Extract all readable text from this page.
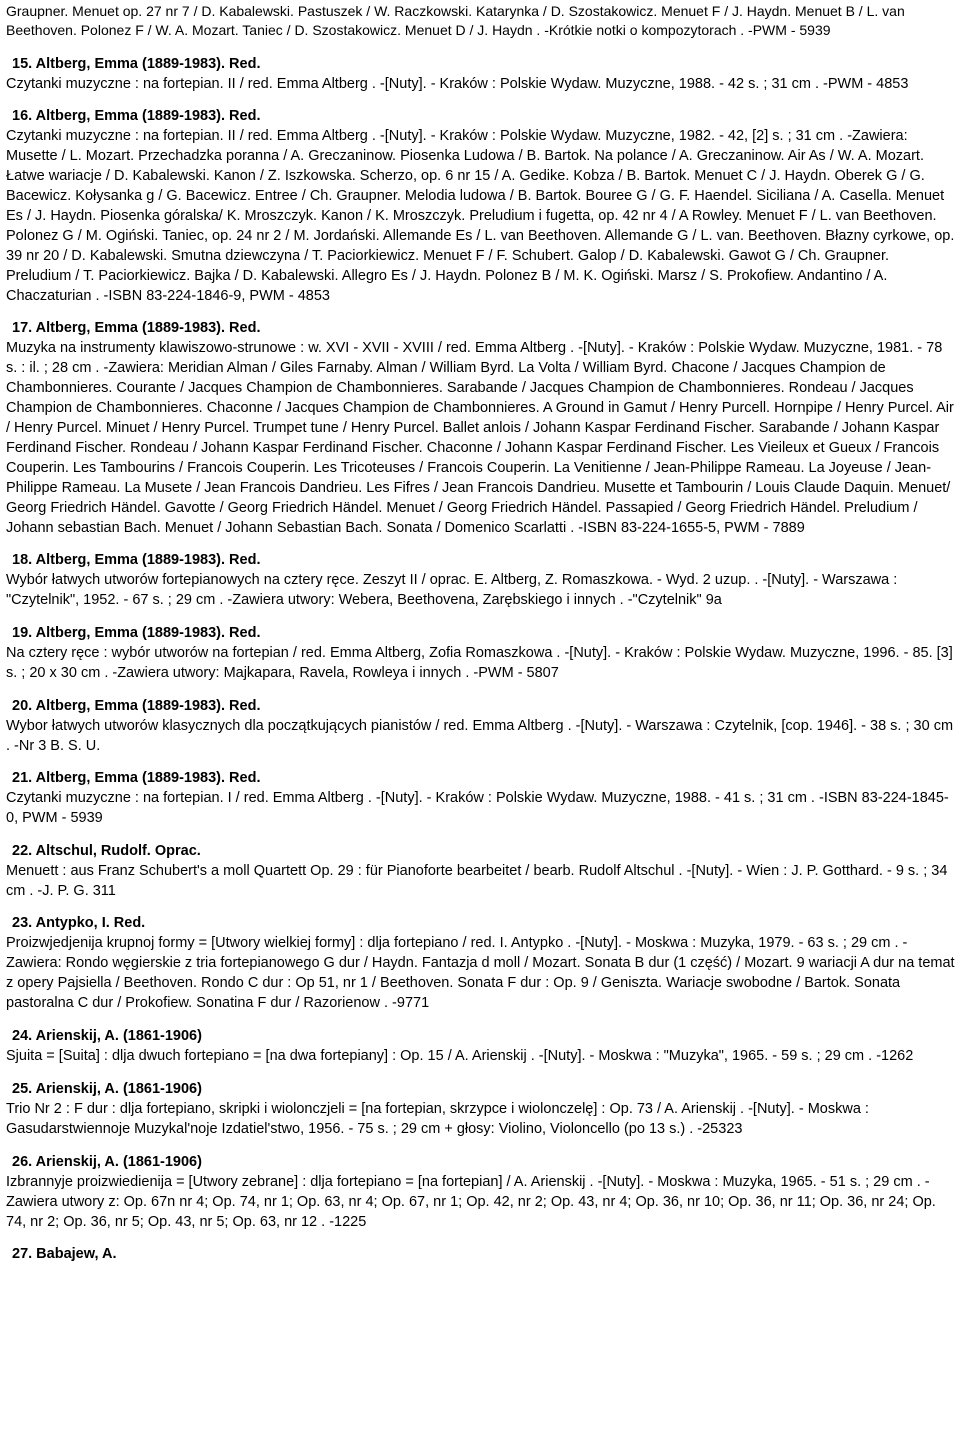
Graupner. Menuet op. 27 nr 7 / D. Kabalewski. Pastuszek / W. Raczkowski. Katarynka / D. Szostakowicz. Menuet F / J. Haydn. Menuet B / L. van Beethoven. Polonez F / W. A. Mozart. Taniec / D. Szostakowicz. Menuet D / J. Haydn . -Krótkie notki o kompozytorach . -PWM - 5939

15. Altberg, Emma (1889-1983). Red.

Czytanki muzyczne : na fortepian. II / red. Emma Altberg . -[Nuty]. - Kraków : Polskie Wydaw. Muzyczne, 1988. - 42 s. ; 31 cm . -PWM - 4853

16. Altberg, Emma (1889-1983). Red.

Czytanki muzyczne : na fortepian. II / red. Emma Altberg . -[Nuty]. - Kraków : Polskie Wydaw. Muzyczne, 1982. - 42, [2] s. ; 31 cm . -Zawiera: Musette / L. Mozart. Przechadzka poranna / A. Greczaninow. Piosenka Ludowa / B. Bartok. Na polance / A. Greczaninow. Air As / W. A. Mozart. Łatwe wariacje / D. Kabalewski. Kanon / Z. Iszkowska. Scherzo, op. 6 nr 15 / A. Gedike. Kobza / B. Bartok. Menuet C / J. Haydn. Oberek G / G. Bacewicz. Kołysanka g / G. Bacewicz. Entree / Ch. Graupner. Melodia ludowa / B. Bartok. Bouree G / G. F. Haendel. Siciliana / A. Casella. Menuet Es / J. Haydn. Piosenka góralska/ K. Mroszczyk. Kanon / K. Mroszczyk. Preludium i fugetta, op. 42 nr 4 / A Rowley. Menuet F / L. van Beethoven. Polonez G / M. Ogiński. Taniec, op. 24 nr 2 / M. Jordański. Allemande Es / L. van Beethoven. Allemande G / L. van. Beethoven. Błazny cyrkowe, op. 39 nr 20 / D. Kabalewski. Smutna dziewczyna / T. Paciorkiewicz. Menuet F / F. Schubert. Galop / D. Kabalewski. Gawot G / Ch. Graupner. Preludium / T. Paciorkiewicz. Bajka / D. Kabalewski. Allegro Es / J. Haydn. Polonez B / M. K. Ogiński. Marsz / S. Prokofiew. Andantino / A. Chaczaturian . -ISBN 83-224-1846-9, PWM - 4853

17. Altberg, Emma (1889-1983). Red.

Muzyka na instrumenty klawiszowo-strunowe : w. XVI - XVII - XVIII / red. Emma Altberg . -[Nuty]. - Kraków : Polskie Wydaw. Muzyczne, 1981. - 78 s. : il. ; 28 cm . -Zawiera: Meridian Alman / Giles Farnaby. Alman / William Byrd. La Volta / William Byrd. Chacone / Jacques Champion de Chambonnieres. Courante / Jacques Champion de Chambonnieres. Sarabande / Jacques Champion de Chambonnieres. Rondeau / Jacques Champion de Chambonnieres. Chaconne / Jacques Champion de Chambonnieres. A Ground in Gamut / Henry Purcell. Hornpipe / Henry Purcel. Air / Henry Purcel. Minuet / Henry Purcel. Trumpet tune / Henry Purcel. Ballet anlois / Johann Kaspar Ferdinand Fischer. Sarabande / Johann Kaspar Ferdinand Fischer. Rondeau / Johann Kaspar Ferdinand Fischer. Chaconne / Johann Kaspar Ferdinand Fischer. Les Vieileux et Gueux / Francois Couperin. Les Tambourins / Francois Couperin. Les Tricoteuses / Francois Couperin. La Venitienne / Jean-Philippe Rameau. La Joyeuse / Jean-Philippe Rameau. La Musete / Jean Francois Dandrieu. Les Fifres / Jean Francois Dandrieu. Musette et Tambourin / Louis Claude Daquin. Menuet/ Georg Friedrich Händel. Gavotte / Georg Friedrich Händel. Menuet / Georg Friedrich Händel. Passapied / Georg Friedrich Händel. Preludium / Johann sebastian Bach. Menuet / Johann Sebastian Bach. Sonata / Domenico Scarlatti . -ISBN 83-224-1655-5, PWM - 7889

18. Altberg, Emma (1889-1983). Red.

Wybór łatwych utworów fortepianowych na cztery ręce. Zeszyt II / oprac. E. Altberg, Z. Romaszkowa. - Wyd. 2 uzup. . -[Nuty]. - Warszawa : "Czytelnik", 1952. - 67 s. ; 29 cm . -Zawiera utwory: Webera, Beethovena, Zarębskiego i innych . -"Czytelnik" 9a

19. Altberg, Emma (1889-1983). Red.

Na cztery ręce : wybór utworów na fortepian / red. Emma Altberg, Zofia Romaszkowa . -[Nuty]. - Kraków : Polskie Wydaw. Muzyczne, 1996. - 85. [3] s. ; 20 x 30 cm . -Zawiera utwory: Majkapara, Ravela, Rowleya i innych . -PWM - 5807

20. Altberg, Emma (1889-1983). Red.

Wybor łatwych utworów klasycznych dla początkujących pianistów / red. Emma Altberg . -[Nuty]. - Warszawa : Czytelnik, [cop. 1946]. - 38 s. ; 30 cm . -Nr 3 B. S. U.

21. Altberg, Emma (1889-1983). Red.

Czytanki muzyczne : na fortepian. I / red. Emma Altberg . -[Nuty]. - Kraków : Polskie Wydaw. Muzyczne, 1988. - 41 s. ; 31 cm . -ISBN 83-224-1845-0, PWM - 5939

22. Altschul, Rudolf. Oprac.

Menuett : aus Franz Schubert's a moll Quartett Op. 29 : für Pianoforte bearbeitet / bearb. Rudolf Altschul . -[Nuty]. - Wien : J. P. Gotthard. - 9 s. ; 34 cm . -J. P. G. 311

23. Antypko, I. Red.

Proizwjedjenija krupnoj formy = [Utwory wielkiej formy] : dlja fortepiano / red. I. Antypko . -[Nuty]. - Moskwa : Muzyka, 1979. - 63 s. ; 29 cm . -Zawiera: Rondo węgierskie z tria fortepianowego G dur / Haydn. Fantazja d moll / Mozart. Sonata B dur (1 część) / Mozart. 9 wariacji A dur na temat z opery Pajsiella / Beethoven. Rondo C dur : Op 51, nr 1 / Beethoven. Sonata F dur : Op. 9 / Geniszta. Wariacje swobodne / Bartok. Sonata pastoralna C dur / Prokofiew. Sonatina F dur / Razorienow . -9771

24. Arienskij, A. (1861-1906)

Sjuita = [Suita] : dlja dwuch fortepiano = [na dwa fortepiany] : Op. 15 / A. Arienskij . -[Nuty]. - Moskwa : "Muzyka", 1965. - 59 s. ; 29 cm . -1262

25. Arienskij, A. (1861-1906)

Trio Nr 2 : F dur : dlja fortepiano, skripki i wiolonczjeli = [na fortepian, skrzypce i wiolonczelę] : Op. 73 / A. Arienskij . -[Nuty]. - Moskwa : Gasudarstwiennoje Muzykal'noje Izdatiel'stwo, 1956. - 75 s. ; 29 cm + głosy: Violino, Violoncello (po 13 s.) . -25323

26. Arienskij, A. (1861-1906)

Izbrannyje proizwiedienija = [Utwory zebrane] : dlja fortepiano = [na fortepian] / A. Arienskij . -[Nuty]. - Moskwa : Muzyka, 1965. - 51 s. ; 29 cm . -Zawiera utwory z: Op. 67n nr 4; Op. 74, nr 1; Op. 63, nr 4; Op. 67, nr 1; Op. 42, nr 2; Op. 43, nr 4; Op. 36, nr 10; Op. 36, nr 11; Op. 36, nr 24; Op. 74, nr 2; Op. 36, nr 5; Op. 43, nr 5; Op. 63, nr 12 . -1225

27. Babajew, A.
